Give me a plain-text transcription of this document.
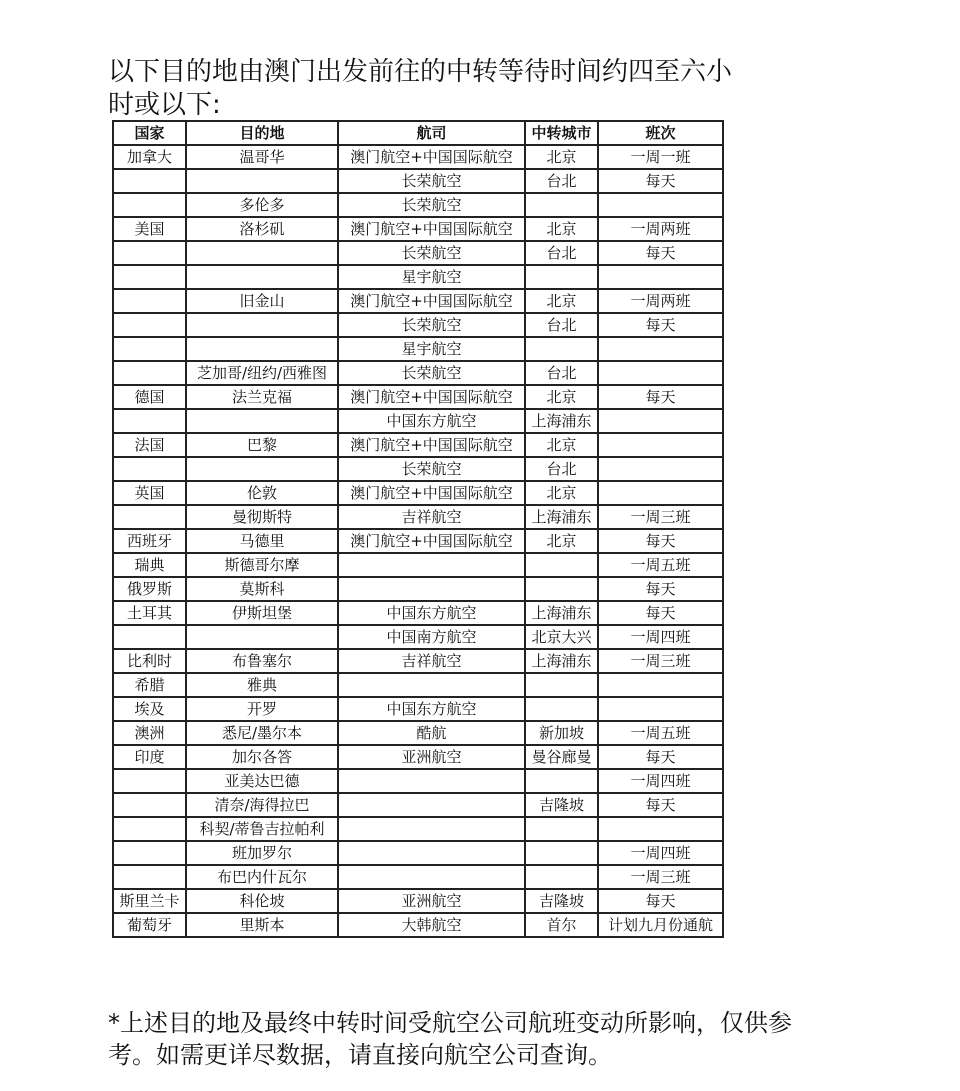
以下目的地由澳门出发前往的中转等待时间约四至六小
时或以下:
国家	目的地	航司	中转城市	班次
加拿大	温哥华	澳门航空+中国国际航空	北京	一周一班
		长荣航空	台北	每天
	多伦多	长荣航空		
美国	洛杉矶	澳门航空+中国国际航空	北京	一周两班
		长荣航空	台北	每天
		星宇航空		
	旧金山	澳门航空+中国国际航空	北京	一周两班
		长荣航空	台北	每天
		星宇航空		
	芝加哥/纽约/西雅图	长荣航空	台北	
德国	法兰克福	澳门航空+中国国际航空	北京	每天
		中国东方航空	上海浦东	
法国	巴黎	澳门航空+中国国际航空	北京	
		长荣航空	台北	
英国	伦敦	澳门航空+中国国际航空	北京	
	曼彻斯特	吉祥航空	上海浦东	一周三班
西班牙	马德里	澳门航空+中国国际航空	北京	每天
瑞典	斯德哥尔摩			一周五班
俄罗斯	莫斯科			每天
土耳其	伊斯坦堡	中国东方航空	上海浦东	每天
		中国南方航空	北京大兴	一周四班
比利时	布鲁塞尔	吉祥航空	上海浦东	一周三班
希腊	雅典			
埃及	开罗	中国东方航空		
澳洲	悉尼/墨尔本	酷航	新加坡	一周五班
印度	加尔各答	亚洲航空	曼谷廊曼	每天
	亚美达巴德			一周四班
	清奈/海得拉巴		吉隆坡	每天
	科契/蒂鲁吉拉帕利			
	班加罗尔			一周四班
	布巴内什瓦尔			一周三班
斯里兰卡	科伦坡	亚洲航空	吉隆坡	每天
葡萄牙	里斯本	大韩航空	首尔	计划九月份通航

*上述目的地及最终中转时间受航空公司航班变动所影响，仅供参
考。如需更详尽数据，请直接向航空公司查询。
